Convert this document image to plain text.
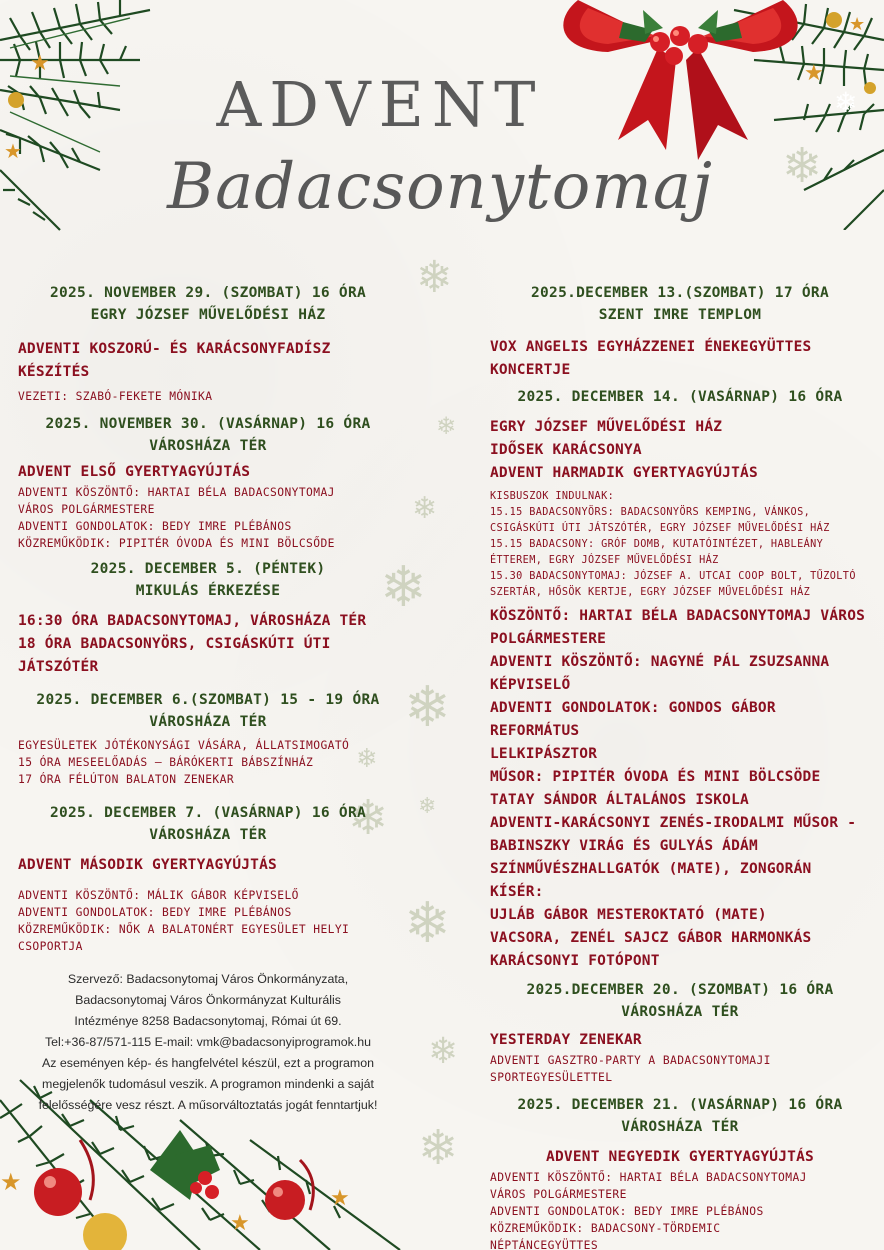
★
★
★
★
❄
★
★
★
❄
❄
❄
❄
❄
❄
❄
❄
❄
❄
❄
❄
ADVENT
Badacsonytomaj
2025. NOVEMBER 29. (SZOMBAT) 16 ÓRA
EGRY JÓZSEF MŰVELŐDÉSI HÁZ
ADVENTI KOSZORÚ- ÉS KARÁCSONYFADÍSZ KÉSZÍTÉS
VEZETI: SZABÓ-FEKETE MÓNIKA
2025. NOVEMBER 30. (VASÁRNAP) 16 ÓRA
VÁROSHÁZA TÉR
ADVENT ELSŐ GYERTYAGYÚJTÁS
ADVENTI KÖSZÖNTŐ: HARTAI BÉLA BADACSONYTOMAJ
VÁROS POLGÁRMESTERE
ADVENTI GONDOLATOK: BEDY IMRE PLÉBÁNOS
KÖZREMŰKÖDIK: PIPITÉR ÓVODA ÉS MINI BÖLCSŐDE
2025. DECEMBER 5. (PÉNTEK)
MIKULÁS ÉRKEZÉSE
16:30 ÓRA BADACSONYTOMAJ, VÁROSHÁZA TÉR
18 ÓRA BADACSONYÖRS, CSIGÁSKÚTI ÚTI JÁTSZÓTÉR
2025. DECEMBER 6.(SZOMBAT) 15 - 19 ÓRA
VÁROSHÁZA TÉR
EGYESÜLETEK JÓTÉKONYSÁGI VÁSÁRA, ÁLLATSIMOGATÓ
15 ÓRA MESEELŐADÁS – BÁRÓKERTI BÁBSZÍNHÁZ
17 ÓRA FÉLÚTON BALATON ZENEKAR
2025. DECEMBER 7. (VASÁRNAP) 16 ÓRA
VÁROSHÁZA TÉR
ADVENT MÁSODIK GYERTYAGYÚJTÁS
ADVENTI KÖSZÖNTŐ: MÁLIK GÁBOR KÉPVISELŐ
ADVENTI GONDOLATOK: BEDY IMRE PLÉBÁNOS
KÖZREMŰKÖDIK: NŐK A BALATONÉRT EGYESÜLET HELYI
CSOPORTJA
Szervező: Badacsonytomaj Város Önkormányzata,
Badacsonytomaj Város Önkormányzat Kulturális
Intézménye 8258 Badacsonytomaj, Római út 69.
Tel:+36-87/571-115 E-mail: vmk@badacsonyiprogramok.hu
Az eseményen kép- és hangfelvétel készül, ezt a programon
megjelenők tudomásul veszik. A programon mindenki a saját
felelősségére vesz részt. A műsorváltoztatás jogát fenntartjuk!
2025.DECEMBER 13.(SZOMBAT) 17 ÓRA
SZENT IMRE TEMPLOM
VOX ANGELIS EGYHÁZZENEI ÉNEKEGYÜTTES
KONCERTJE
2025. DECEMBER 14. (VASÁRNAP) 16 ÓRA
EGRY JÓZSEF MŰVELŐDÉSI HÁZ
IDŐSEK KARÁCSONYA
ADVENT HARMADIK GYERTYAGYÚJTÁS
KISBUSZOK INDULNAK:
15.15 BADACSONYÖRS: BADACSONYÖRS KEMPING, VÁNKOS,
CSIGÁSKÚTI ÚTI JÁTSZÓTÉR, EGRY JÓZSEF MŰVELŐDÉSI HÁZ
15.15 BADACSONY: GRÓF DOMB, KUTATÓINTÉZET, HABLEÁNY
ÉTTEREM, EGRY JÓZSEF MŰVELŐDÉSI HÁZ
15.30 BADACSONYTOMAJ: JÓZSEF A. UTCAI COOP BOLT, TŰZOLTÓ
SZERTÁR, HŐSÖK KERTJE, EGRY JÓZSEF MŰVELŐDÉSI HÁZ
KÖSZÖNTŐ: HARTAI BÉLA BADACSONYTOMAJ VÁROS
POLGÁRMESTERE
ADVENTI KÖSZÖNTŐ: NAGYNÉ PÁL ZSUZSANNA
KÉPVISELŐ
ADVENTI GONDOLATOK: GONDOS GÁBOR REFORMÁTUS
LELKIPÁSZTOR
MŰSOR: PIPITÉR ÓVODA ÉS MINI BÖLCSÖDE
TATAY SÁNDOR ÁLTALÁNOS ISKOLA
ADVENTI-KARÁCSONYI ZENÉS-IRODALMI MŰSOR -
BABINSZKY VIRÁG ÉS GULYÁS ÁDÁM
SZÍNMŰVÉSZHALLGATÓK (MATE), ZONGORÁN KÍSÉR:
UJLÁB GÁBOR MESTEROKTATÓ (MATE)
VACSORA, ZENÉL SAJCZ GÁBOR HARMONKÁS
KARÁCSONYI FOTÓPONT
2025.DECEMBER 20. (SZOMBAT) 16 ÓRA
VÁROSHÁZA TÉR
YESTERDAY ZENEKAR
ADVENTI GASZTRO-PARTY A BADACSONYTOMAJI
SPORTEGYESÜLETTEL
2025. DECEMBER 21. (VASÁRNAP) 16 ÓRA
VÁROSHÁZA TÉR
ADVENT NEGYEDIK GYERTYAGYÚJTÁS
ADVENTI KÖSZÖNTŐ: HARTAI BÉLA BADACSONYTOMAJ
VÁROS POLGÁRMESTERE
ADVENTI GONDOLATOK: BEDY IMRE PLÉBÁNOS
KÖZREMŰKÖDIK: BADACSONY-TÖRDEMIC
NÉPTÁNCEGYÜTTES
